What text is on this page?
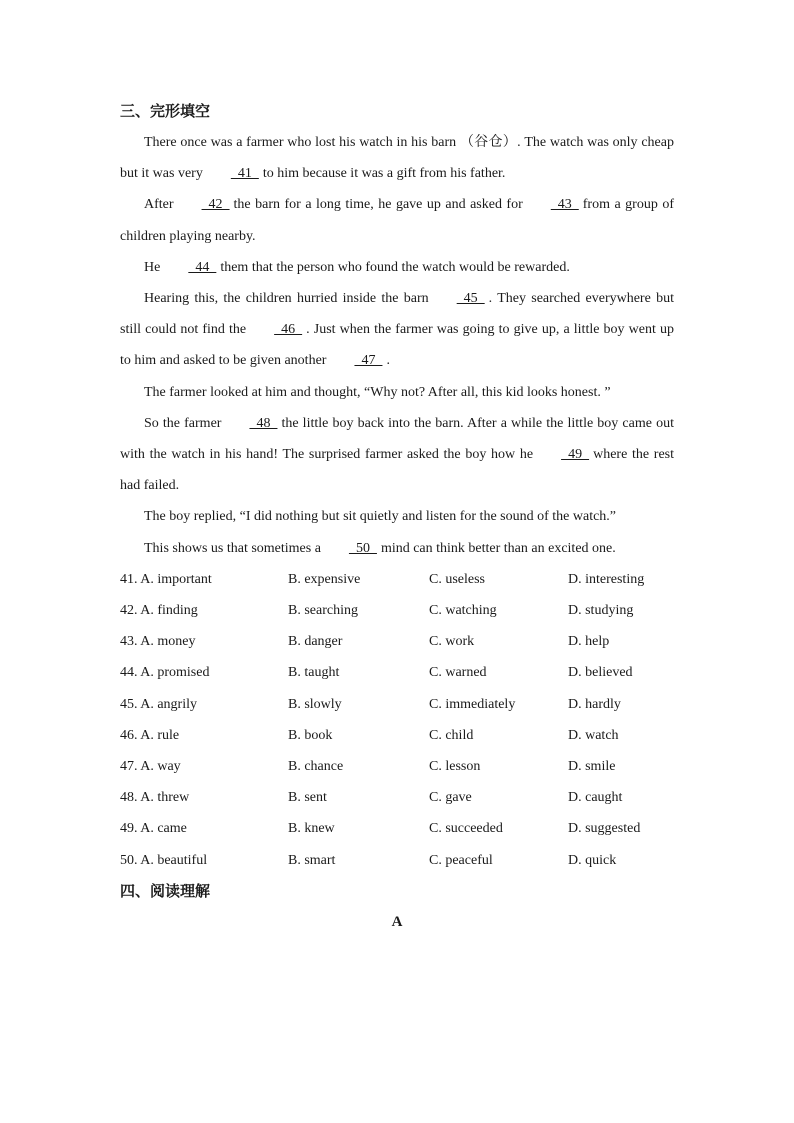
三、完形填空

There once was a farmer who lost his watch in his barn （谷仓）. The watch was only cheap but it was very  41  to him because it was a gift from his father.

After  42  the barn for a long time, he gave up and asked for  43  from a group of children playing nearby.

He  44  them that the person who found the watch would be rewarded.

Hearing this, the children hurried inside the barn  45  . They searched everywhere but still could not find the  46  . Just when the farmer was going to give up, a little boy went up to him and asked to be given another  47  .

The farmer looked at him and thought, “Why not? After all, this kid looks honest. ”

So the farmer  48  the little boy back into the barn. After a while the little boy came out with the watch in his hand! The surprised farmer asked the boy how he  49  where the rest had failed.

The boy replied, “I did nothing but sit quietly and listen for the sound of the watch.”

This shows us that sometimes a  50  mind can think better than an excited one.

41. A. important	B. expensive	C. useless	D. interesting
42. A. finding	B. searching	C. watching	D. studying
43. A. money	B. danger	C. work	D. help
44. A. promised	B. taught	C. warned	D. believed
45. A. angrily	B. slowly	C. immediately	D. hardly
46. A. rule	B. book	C. child	D. watch
47. A. way	B. chance	C. lesson	D. smile
48. A. threw	B. sent	C. gave	D. caught
49. A. came	B. knew	C. succeeded	D. suggested
50. A. beautiful	B. smart	C. peaceful	D. quick
四、阅读理解
A
